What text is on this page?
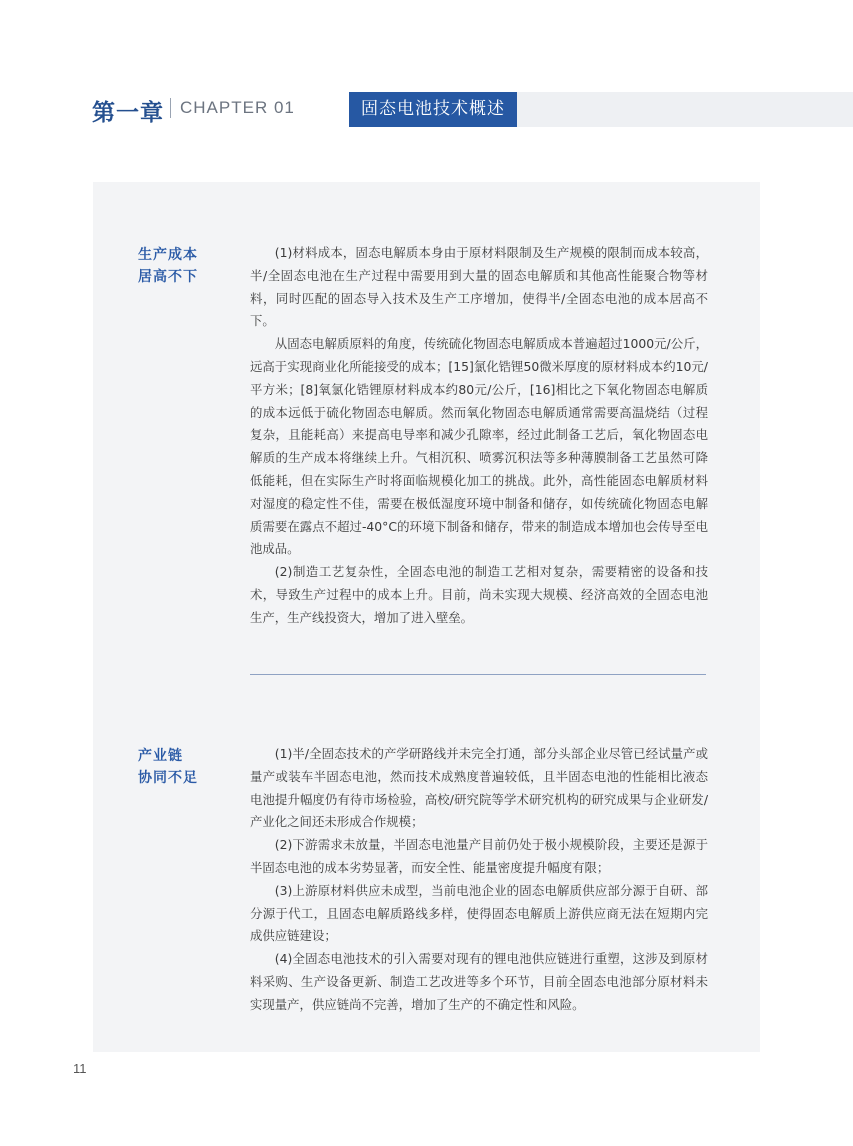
第一章 CHAPTER 01	固态电池技术概述
生产成本
居高不下

(1)材料成本，固态电解质本身由于原材料限制及生产规模的限制而成本较高，半/全固态电池在生产过程中需要用到大量的固态电解质和其他高性能聚合物等材料，同时匹配的固态导入技术及生产工序增加，使得半/全固态电池的成本居高不下。

从固态电解质原料的角度，传统硫化物固态电解质成本普遍超过1000元/公斤，远高于实现商业化所能接受的成本；[15]氯化锆锂50微米厚度的原材料成本约10元/平方米；[8]氧氯化锆锂原材料成本约80元/公斤，[16]相比之下氧化物固态电解质的成本远低于硫化物固态电解质。然而氧化物固态电解质通常需要高温烧结（过程复杂，且能耗高）来提高电导率和减少孔隙率，经过此制备工艺后，氧化物固态电解质的生产成本将继续上升。气相沉积、喷雾沉积法等多种薄膜制备工艺虽然可降低能耗，但在实际生产时将面临规模化加工的挑战。此外，高性能固态电解质材料对湿度的稳定性不佳，需要在极低湿度环境中制备和储存，如传统硫化物固态电解质需要在露点不超过-40°C的环境下制备和储存，带来的制造成本增加也会传导至电池成品。

(2)制造工艺复杂性，全固态电池的制造工艺相对复杂，需要精密的设备和技术，导致生产过程中的成本上升。目前，尚未实现大规模、经济高效的全固态电池生产，生产线投资大，增加了进入壁垒。

产业链
协同不足

(1)半/全固态技术的产学研路线并未完全打通，部分头部企业尽管已经试量产或量产或装车半固态电池，然而技术成熟度普遍较低，且半固态电池的性能相比液态电池提升幅度仍有待市场检验，高校/研究院等学术研究机构的研究成果与企业研发/产业化之间还未形成合作规模；

(2)下游需求未放量，半固态电池量产目前仍处于极小规模阶段，主要还是源于半固态电池的成本劣势显著，而安全性、能量密度提升幅度有限；

(3)上游原材料供应未成型，当前电池企业的固态电解质供应部分源于自研、部分源于代工，且固态电解质路线多样，使得固态电解质上游供应商无法在短期内完成供应链建设；

(4)全固态电池技术的引入需要对现有的锂电池供应链进行重塑，这涉及到原材料采购、生产设备更新、制造工艺改进等多个环节，目前全固态电池部分原材料未实现量产，供应链尚不完善，增加了生产的不确定性和风险。

11
